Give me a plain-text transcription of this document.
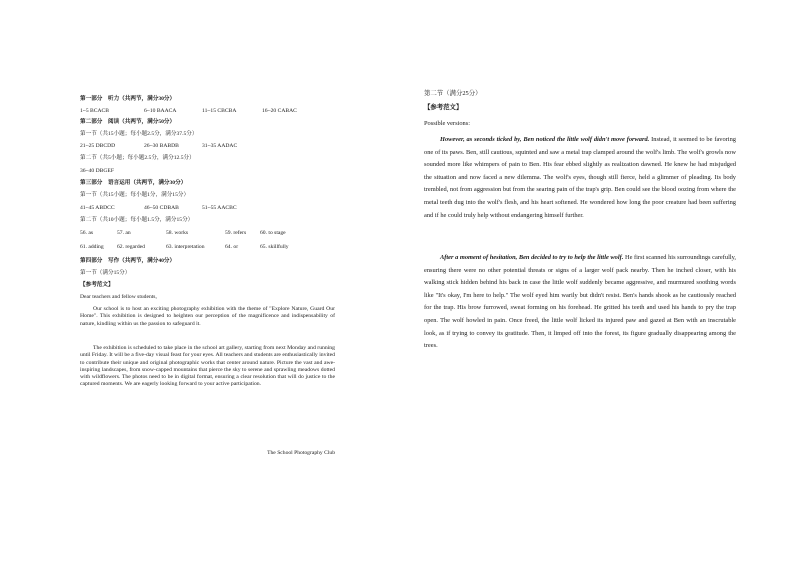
第一部分　听力（共两节，满分30分）
1~5 BCACB	6~10 BAACA	11~15 CBCBA	16~20 CABAC
第二部分　阅读（共两节，满分50分）
第一节（共15小题；每小题2.5分，满分37.5分）
21~25 DBCDD	26~30 BABDB	31~35 AADAC
第二节（共5小题；每小题2.5分，满分12.5分）
36~40 DBGEF
第三部分　语言运用（共两节，满分30分）
第一节（共15小题；每小题1分，满分15分）
41~45 ABDCC	46~50 CDBAB	51~55 AACBC
第二节（共10小题；每小题1.5分，满分15分）
56. as	57. an	58. works	59. refers 60. to stage
61. adding 62. regarded	63. interpretation	64. or	65. skillfully
第四部分　写作（共两节，满分40分）
第一节（满分15分）
【参考范文】
Dear teachers and fellow students,
Our school is to host an exciting photography exhibition with the theme of "Explore Nature, Guard Our Home". This exhibition is designed to heighten our perception of the magnificence and indispensability of nature, kindling within us the passion to safeguard it.
The exhibition is scheduled to take place in the school art gallery, starting from next Monday and running until Friday. It will be a five-day visual feast for your eyes. All teachers and students are enthusiastically invited to contribute their unique and original photographic works that center around nature. Picture the vast and awe-inspiring landscapes, from snow-capped mountains that pierce the sky to serene and sprawling meadows dotted with wildflowers. The photos need to be in digital format, ensuring a clear resolution that will do justice to the captured moments. We are eagerly looking forward to your active participation.
The School Photography Club
第二节（满分25分）
【参考范文】
Possible versions:
However, as seconds ticked by, Ben noticed the little wolf didn't move forward. Instead, it seemed to be favoring one of its paws. Ben, still cautious, squinted and saw a metal trap clamped around the wolf's limb. The wolf's growls now sounded more like whimpers of pain to Ben. His fear ebbed slightly as realization dawned. He knew he had misjudged the situation and now faced a new dilemma. The wolf's eyes, though still fierce, held a glimmer of pleading. Its body trembled, not from aggression but from the searing pain of the trap's grip. Ben could see the blood oozing from where the metal teeth dug into the wolf's flesh, and his heart softened. He wondered how long the poor creature had been suffering and if he could truly help without endangering himself further.
After a moment of hesitation, Ben decided to try to help the little wolf. He first scanned his surroundings carefully, ensuring there were no other potential threats or signs of a larger wolf pack nearby. Then he inched closer, with his walking stick hidden behind his back in case the little wolf suddenly became aggressive, and murmured soothing words like "It's okay, I'm here to help." The wolf eyed him warily but didn't resist. Ben's hands shook as he cautiously reached for the trap. His brow furrowed, sweat forming on his forehead. He gritted his teeth and used his hands to pry the trap open. The wolf howled in pain. Once freed, the little wolf licked its injured paw and gazed at Ben with an inscrutable look, as if trying to convey its gratitude. Then, it limped off into the forest, its figure gradually disappearing among the trees.
